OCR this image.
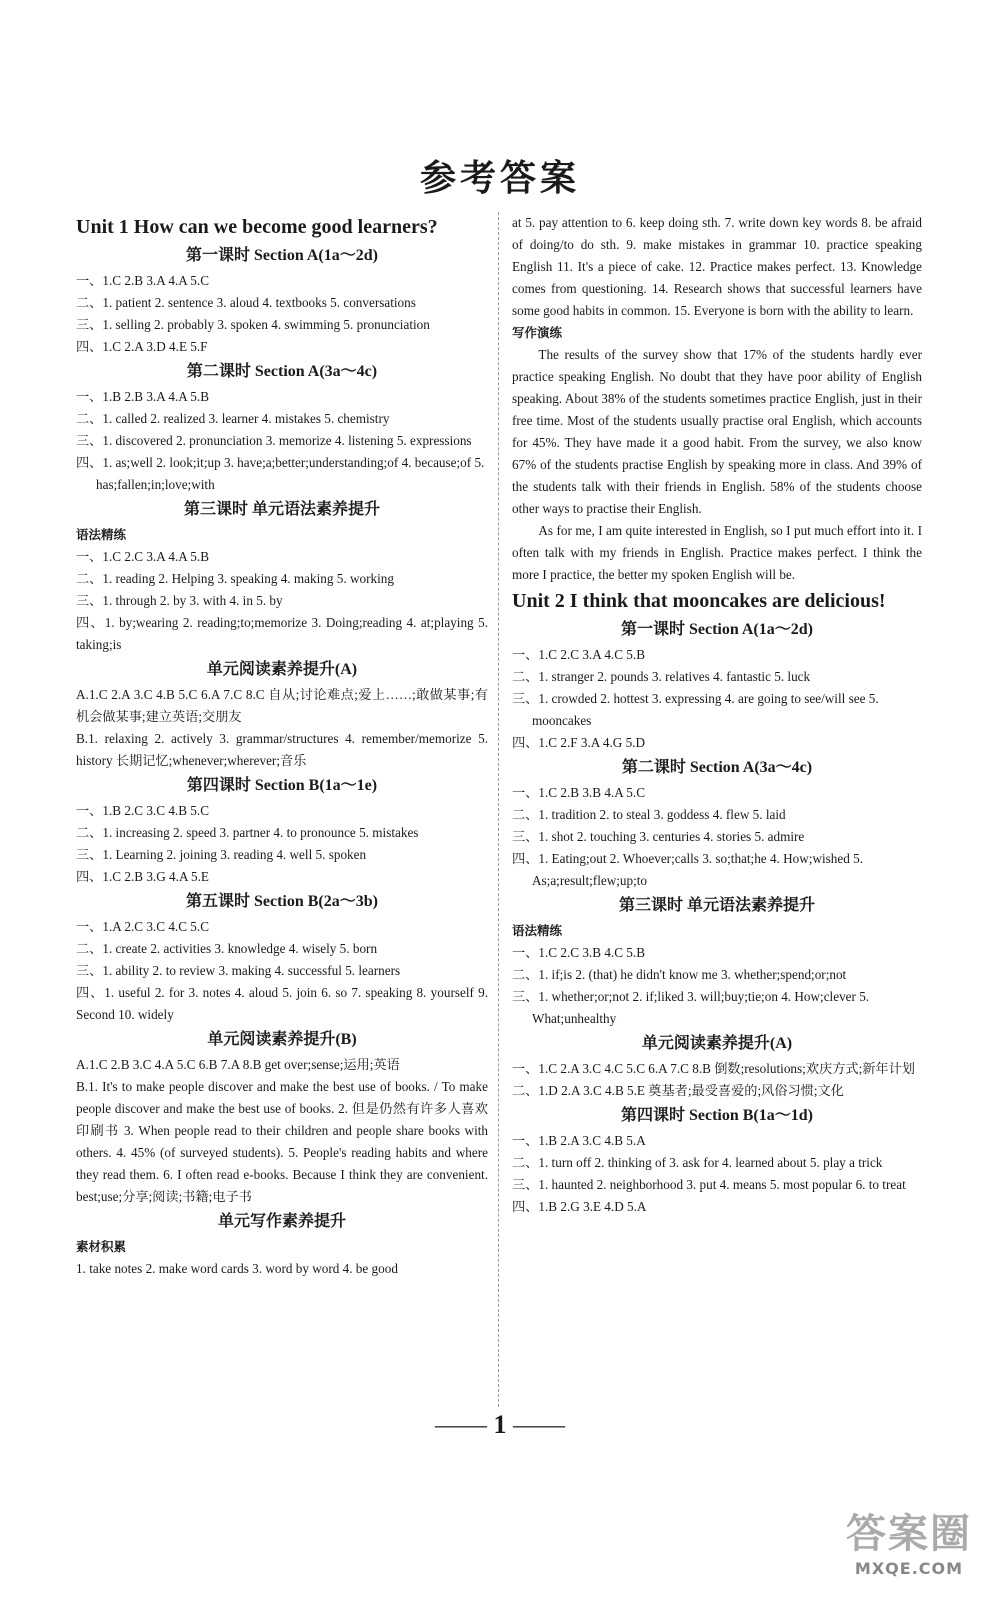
参考答案
Unit 1 How can we become good learners?
第一课时 Section A(1a～2d)
一、1.C 2.B 3.A 4.A 5.C
二、1. patient 2. sentence 3. aloud 4. textbooks 5. conversations
三、1. selling 2. probably 3. spoken 4. swimming 5. pronunciation
四、1.C 2.A 3.D 4.E 5.F
第二课时 Section A(3a～4c)
一、1.B 2.B 3.A 4.A 5.B
二、1. called 2. realized 3. learner 4. mistakes 5. chemistry
三、1. discovered 2. pronunciation 3. memorize 4. listening 5. expressions
四、1. as;well 2. look;it;up 3. have;a;better;understanding;of 4. because;of 5. has;fallen;in;love;with
第三课时 单元语法素养提升
语法精练
一、1.C 2.C 3.A 4.A 5.B
二、1. reading 2. Helping 3. speaking 4. making 5. working
三、1. through 2. by 3. with 4. in 5. by
四、1. by;wearing 2. reading;to;memorize 3. Doing;reading 4. at;playing 5. taking;is
单元阅读素养提升(A)
A.1.C 2.A 3.C 4.B 5.C 6.A 7.C 8.C 自从;讨论难点;爱上……;敢做某事;有机会做某事;建立英语;交朋友
B.1. relaxing 2. actively 3. grammar/structures 4. remember/memorize 5. history 长期记忆;whenever;wherever;音乐
第四课时 Section B(1a～1e)
一、1.B 2.C 3.C 4.B 5.C
二、1. increasing 2. speed 3. partner 4. to pronounce 5. mistakes
三、1. Learning 2. joining 3. reading 4. well 5. spoken
四、1.C 2.B 3.G 4.A 5.E
第五课时 Section B(2a～3b)
一、1.A 2.C 3.C 4.C 5.C
二、1. create 2. activities 3. knowledge 4. wisely 5. born
三、1. ability 2. to review 3. making 4. successful 5. learners
四、1. useful 2. for 3. notes 4. aloud 5. join 6. so 7. speaking 8. yourself 9. Second 10. widely
单元阅读素养提升(B)
A.1.C 2.B 3.C 4.A 5.C 6.B 7.A 8.B get over;sense;运用;英语
B.1. It's to make people discover and make the best use of books. / To make people discover and make the best use of books. 2. 但是仍然有许多人喜欢印刷书 3. When people read to their children and people share books with others. 4. 45% (of surveyed students). 5. People's reading habits and where they read them. 6. I often read e-books. Because I think they are convenient. best;use;分享;阅读;书籍;电子书
单元写作素养提升
素材积累
1. take notes 2. make word cards 3. word by word 4. be good
at 5. pay attention to 6. keep doing sth. 7. write down key words 8. be afraid of doing/to do sth. 9. make mistakes in grammar 10. practice speaking English 11. It's a piece of cake. 12. Practice makes perfect. 13. Knowledge comes from questioning. 14. Research shows that successful learners have some good habits in common. 15. Everyone is born with the ability to learn.
写作演练
The results of the survey show that 17% of the students hardly ever practice speaking English. No doubt that they have poor ability of English speaking. About 38% of the students sometimes practice English, just in their free time. Most of the students usually practise oral English, which accounts for 45%. They have made it a good habit. From the survey, we also know 67% of the students practise English by speaking more in class. And 39% of the students talk with their friends in English. 58% of the students choose other ways to practise their English.
As for me, I am quite interested in English, so I put much effort into it. I often talk with my friends in English. Practice makes perfect. I think the more I practice, the better my spoken English will be.
Unit 2 I think that mooncakes are delicious!
第一课时 Section A(1a～2d)
一、1.C 2.C 3.A 4.C 5.B
二、1. stranger 2. pounds 3. relatives 4. fantastic 5. luck
三、1. crowded 2. hottest 3. expressing 4. are going to see/will see 5. mooncakes
四、1.C 2.F 3.A 4.G 5.D
第二课时 Section A(3a～4c)
一、1.C 2.B 3.B 4.A 5.C
二、1. tradition 2. to steal 3. goddess 4. flew 5. laid
三、1. shot 2. touching 3. centuries 4. stories 5. admire
四、1. Eating;out 2. Whoever;calls 3. so;that;he 4. How;wished 5. As;a;result;flew;up;to
第三课时 单元语法素养提升
语法精练
一、1.C 2.C 3.B 4.C 5.B
二、1. if;is 2. (that) he didn't know me 3. whether;spend;or;not
三、1. whether;or;not 2. if;liked 3. will;buy;tie;on 4. How;clever 5. What;unhealthy
单元阅读素养提升(A)
一、1.C 2.A 3.C 4.C 5.C 6.A 7.C 8.B 倒数;resolutions;欢庆方式;新年计划
二、1.D 2.A 3.C 4.B 5.E 奠基者;最受喜爱的;风俗习惯;文化
第四课时 Section B(1a～1d)
一、1.B 2.A 3.C 4.B 5.A
二、1. turn off 2. thinking of 3. ask for 4. learned about 5. play a trick
三、1. haunted 2. neighborhood 3. put 4. means 5. most popular 6. to treat
四、1.B 2.G 3.E 4.D 5.A
—— 1 ——
答案圈
MXQE.COM
